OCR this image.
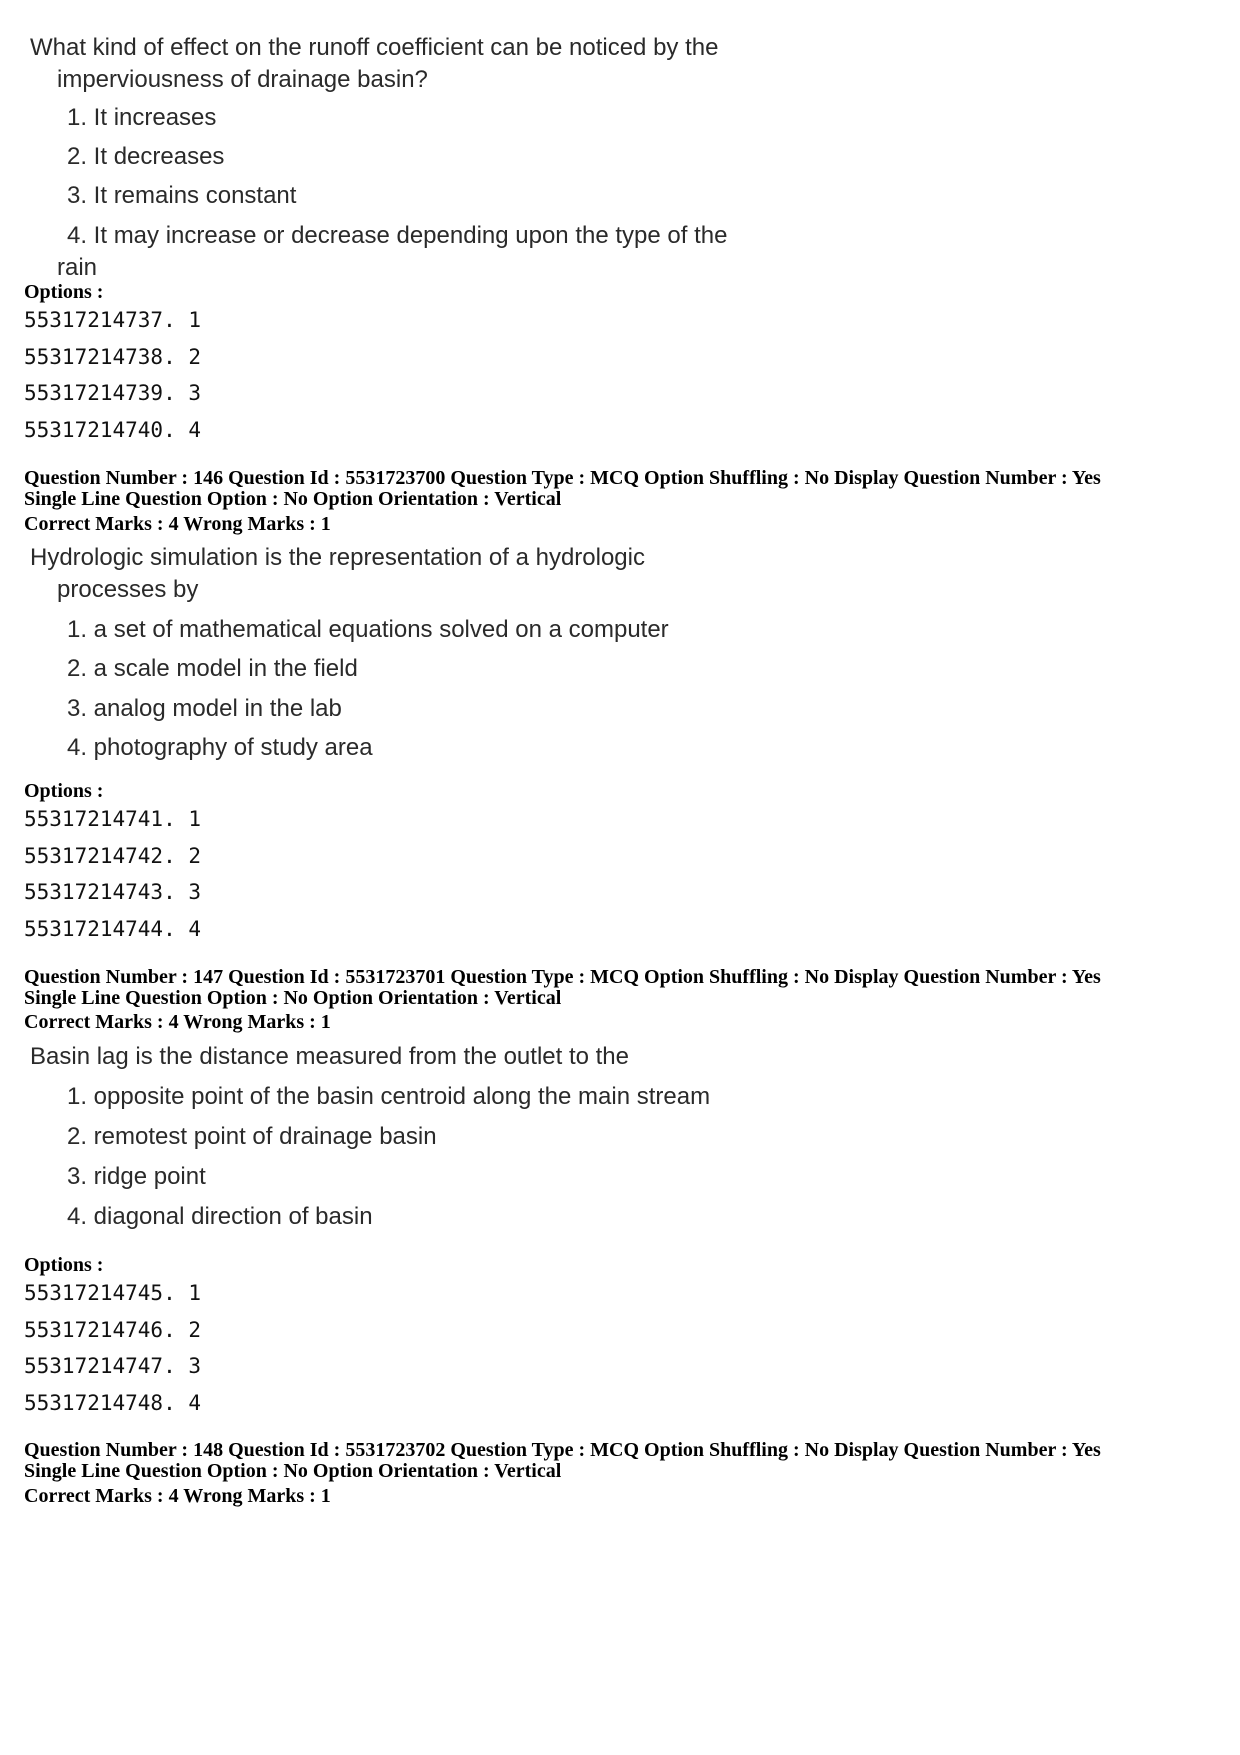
What kind of effect on the runoff coefficient can be noticed by the
imperviousness of drainage basin?

1. It increases

2. It decreases

3. It remains constant

4. It may increase or decrease depending upon the type of the
rain

Options :
55317214737. 1
55317214738. 2
55317214739. 3
55317214740. 4
Question Number : 146 Question Id : 5531723700 Question Type : MCQ Option Shuffling : No Display Question Number : Yes
Single Line Question Option : No Option Orientation : Vertical
Correct Marks : 4 Wrong Marks : 1

Hydrologic simulation is the representation of a hydrologic
processes by

1. a set of mathematical equations solved on a computer

2. a scale model in the field

3. analog model in the lab

4. photography of study area

Options :
55317214741. 1
55317214742. 2
55317214743. 3
55317214744. 4
Question Number : 147 Question Id : 5531723701 Question Type : MCQ Option Shuffling : No Display Question Number : Yes
Single Line Question Option : No Option Orientation : Vertical
Correct Marks : 4 Wrong Marks : 1

Basin lag is the distance measured from the outlet to the

1. opposite point of the basin centroid along the main stream

2. remotest point of drainage basin

3. ridge point

4. diagonal direction of basin

Options :
55317214745. 1
55317214746. 2
55317214747. 3
55317214748. 4
Question Number : 148 Question Id : 5531723702 Question Type : MCQ Option Shuffling : No Display Question Number : Yes
Single Line Question Option : No Option Orientation : Vertical
Correct Marks : 4 Wrong Marks : 1
